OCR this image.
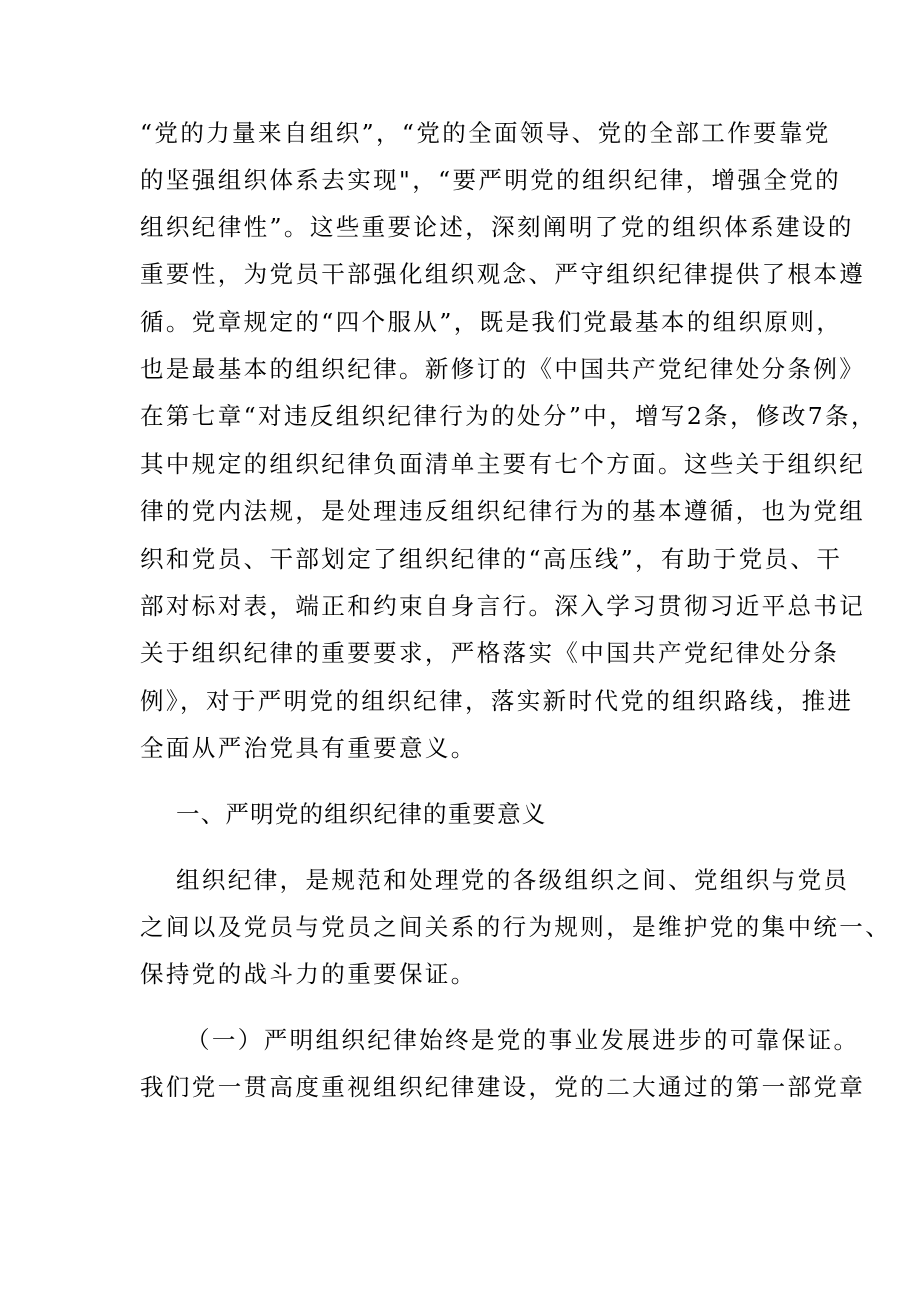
“党的力量来自组织”，“党的全面领导、党的全部工作要靠党
的坚强组织体系去实现"，“要严明党的组织纪律，增强全党的
组织纪律性”。这些重要论述，深刻阐明了党的组织体系建设的
重要性，为党员干部强化组织观念、严守组织纪律提供了根本遵
循。党章规定的“四个服从”，既是我们党最基本的组织原则，
也是最基本的组织纪律。新修订的《中国共产党纪律处分条例》
在第七章“对违反组织纪律行为的处分”中，增写2条，修改7条，
其中规定的组织纪律负面清单主要有七个方面。这些关于组织纪
律的党内法规，是处理违反组织纪律行为的基本遵循，也为党组
织和党员、干部划定了组织纪律的“高压线”，有助于党员、干
部对标对表，端正和约束自身言行。深入学习贯彻习近平总书记
关于组织纪律的重要要求，严格落实《中国共产党纪律处分条
例》，对于严明党的组织纪律，落实新时代党的组织路线，推进
全面从严治党具有重要意义。
一、严明党的组织纪律的重要意义
组织纪律，是规范和处理党的各级组织之间、党组织与党员
之间以及党员与党员之间关系的行为规则，是维护党的集中统一、
保持党的战斗力的重要保证。
（一）严明组织纪律始终是党的事业发展进步的可靠保证。
我们党一贯高度重视组织纪律建设，党的二大通过的第一部党章
